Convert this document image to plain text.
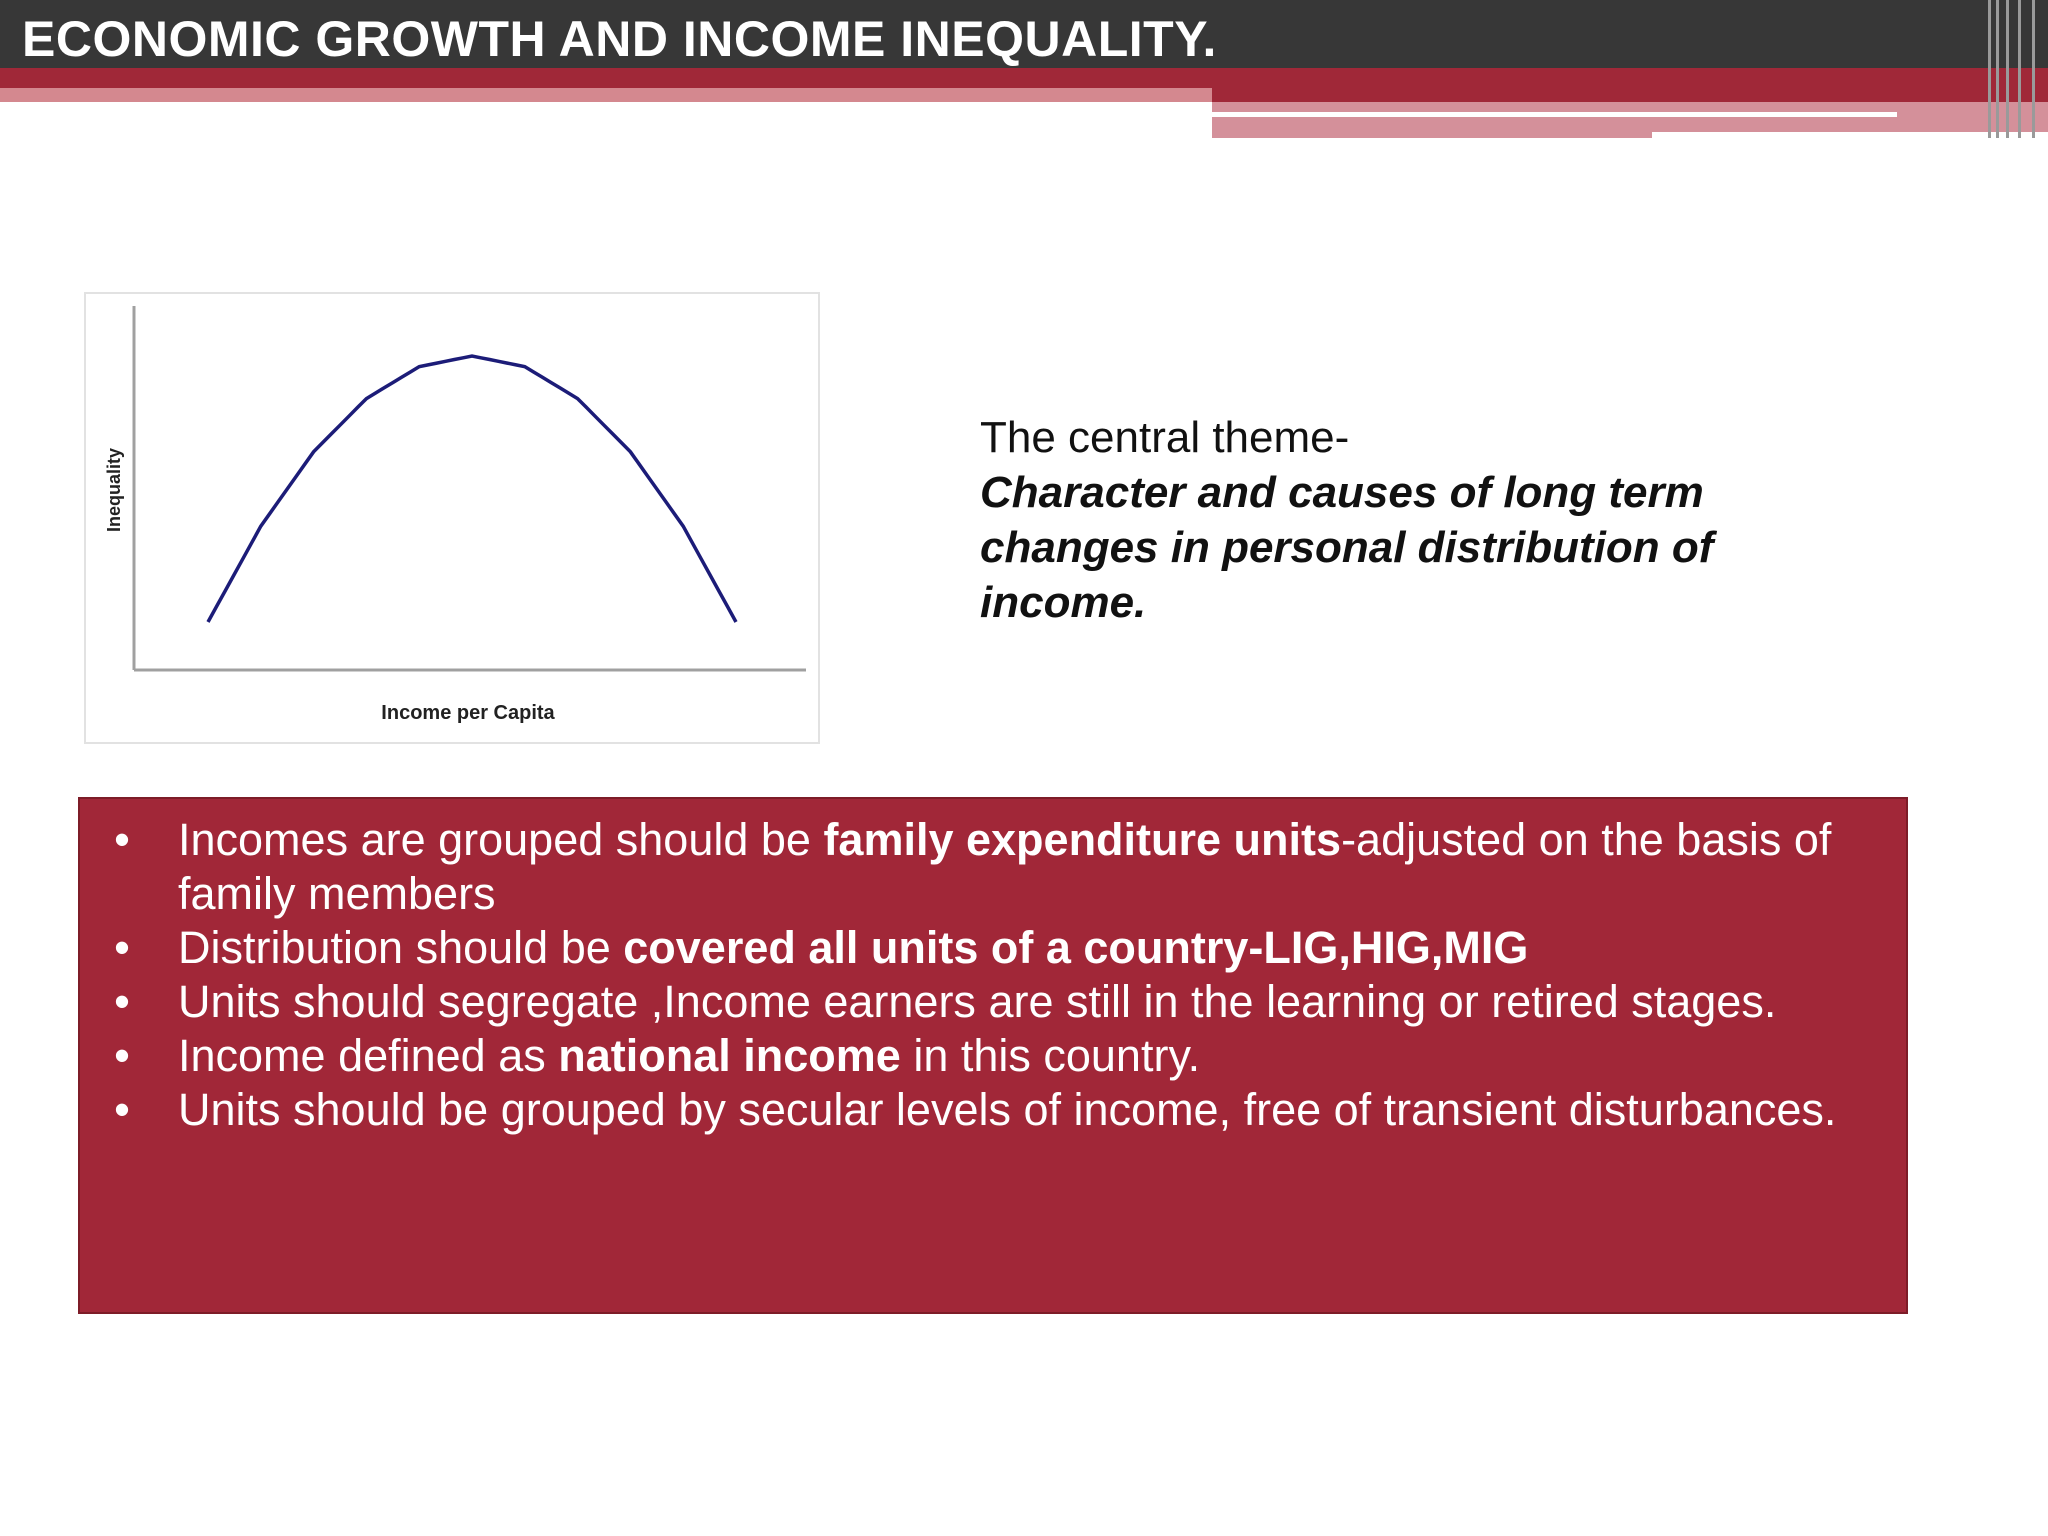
ECONOMIC GROWTH AND INCOME INEQUALITY.
Income per Capita
Inequality
The central theme-
Character and causes of long term changes in personal distribution of income.
• Incomes are grouped should be family expenditure units-adjusted on the basis of family members
• Distribution should be covered all units of a country-LIG,HIG,MIG
• Units should segregate ,Income earners are still in the learning or retired stages.
• Income defined as national income in this country.
• Units should be grouped by secular levels of income, free of transient disturbances.
